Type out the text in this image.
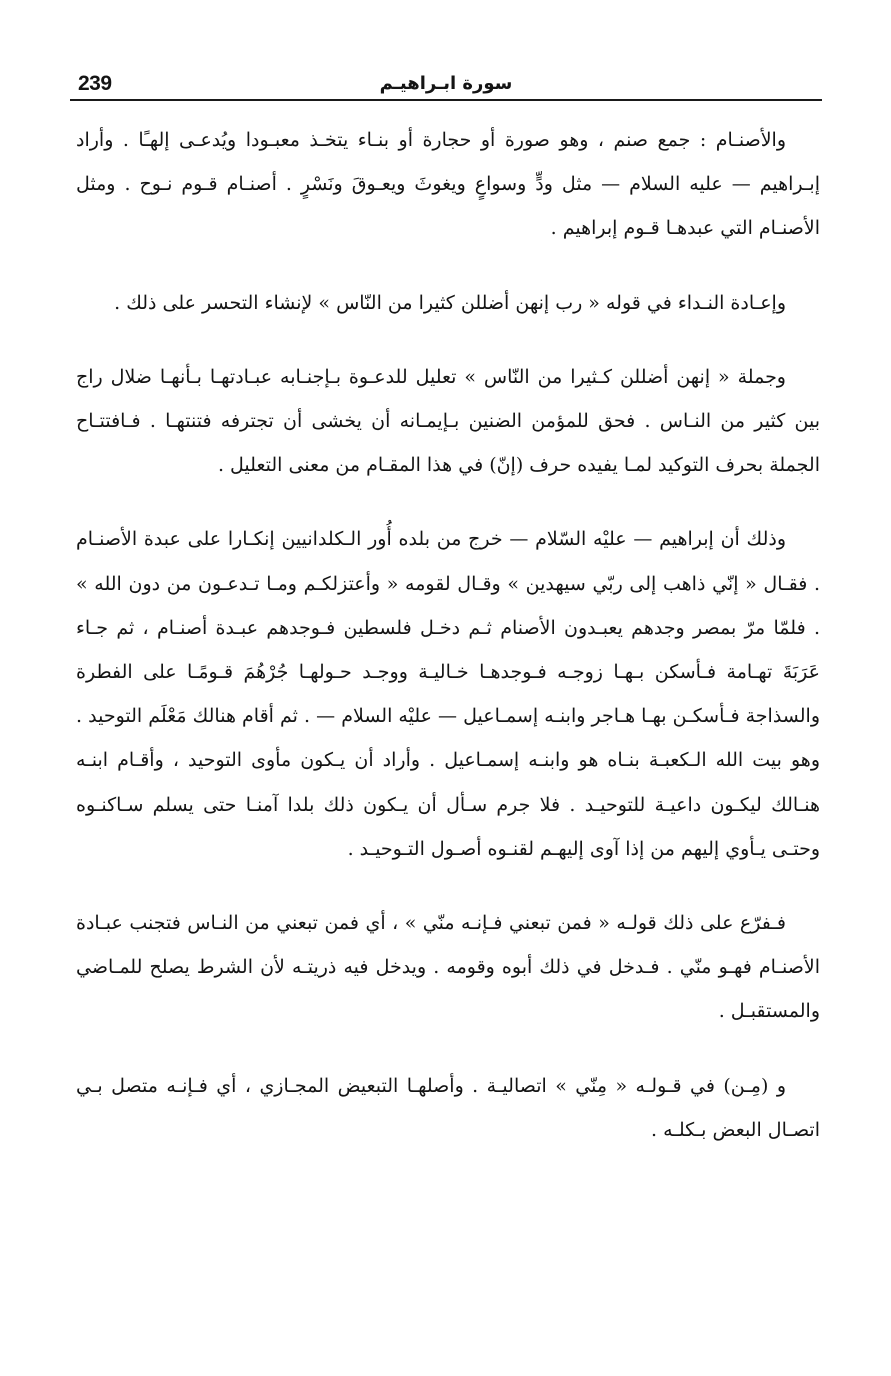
239	سورة ابـراهيـم

والأصنـام : جمع صنم ، وهو صورة أو حجارة أو بنـاء يتخـذ معبـودا ويُدعـى إلهـًا . وأراد إبـراهيم — عليه السلام — مثل ودٍّ وسواعٍ ويغوثَ ويعـوقَ ونَسْرٍ . أصنـام قـوم نـوح . ومثل الأصنـام التي عبدهـا قـوم إبراهيم .

وإعـادة النـداء في قوله « رب إنهن أضللن كثيرا من النّاس » لإنشاء التحسر على ذلك .

وجملة « إنهن أضللن كـثيرا من النّاس » تعليل للدعـوة بـإجنـابه عبـادتهـا بـأنهـا ضلال راج بين كثير من النـاس . فحق للمؤمن الضنين بـإيمـانه أن يخشى أن تجترفه فتنتهـا . فـافتتـاح الجملة بحرف التوكيد لمـا يفيده حرف (إنّ) في هذا المقـام من معنى التعليل .

وذلك أن إبراهيم — عليْه السّلام — خرج من بلده أُور الـكلدانيين إنكـارا على عبدة الأصنـام . فقـال « إنّي ذاهب إلى ربّي سيهدين » وقـال لقومه « وأعتزلكـم ومـا تـدعـون من دون الله » . فلمّا مرّ بمصر وجدهم يعبـدون الأصنام ثـم دخـل فلسطين فـوجدهم عبـدة أصنـام ، ثم جـاء عَرَبَةَ تهـامة فـأسكن بـهـا زوجـه فـوجدهـا خـاليـة ووجـد حـولهـا جُرْهُمَ قـومًـا على الفطرة والسذاجة فـأسكـن بهـا هـاجر وابنـه إسمـاعيل — عليْه السلام — . ثم أقام هنالك مَعْلَم التوحيد . وهو بيت الله الـكعبـة بنـاه هو وابنـه إسمـاعيل . وأراد أن يـكون مأوى التوحيد ، وأقـام ابنـه هنـالك ليكـون داعيـة للتوحيـد . فلا جرم سـأل أن يـكون ذلك بلدا آمنـا حتى يسلم سـاكنـوه وحتـى يـأوي إليهم من إذا آوى إليهـم لقنـوه أصـول التـوحيـد .

فـفرّع على ذلك قولـه « فمن تبعني فـإنـه منّي » ، أي فمن تبعني من النـاس فتجنب عبـادة الأصنـام فهـو منّي . فـدخل في ذلك أبوه وقومه . ويدخل فيه ذريتـه لأن الشرط يصلح للمـاضي والمستقبـل .

و (مِـن) في قـولـه « مِنّي » اتصاليـة . وأصلهـا التبعيض المجـازي ، أي فـإنـه متصل بـي اتصـال البعض بـكلـه .
